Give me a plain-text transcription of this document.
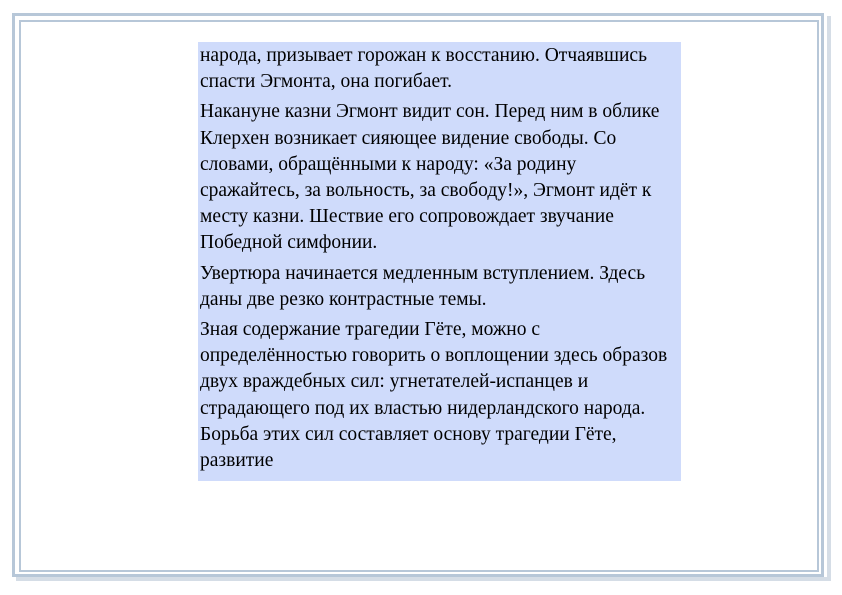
народа, призывает горожан к восстанию. Отчаявшись спасти Эгмонта, она погибает.

Накануне казни Эгмонт видит сон. Перед ним в облике Клерхен возникает сияющее видение свободы. Со словами, обращёнными к народу: «За родину сражайтесь, за вольность, за свободу!», Эгмонт идёт к месту казни. Шествие его сопровождает звучание Победной симфонии.

Увертюра начинается медленным вступлением. Здесь даны две резко контрастные темы.

Зная содержание трагедии Гёте, можно с определённостью говорить о воплощении здесь образов двух враждебных сил: угнетателей-испанцев и страдающего под их властью нидерландского народа. Борьба этих сил составляет основу трагедии Гёте, развитие
